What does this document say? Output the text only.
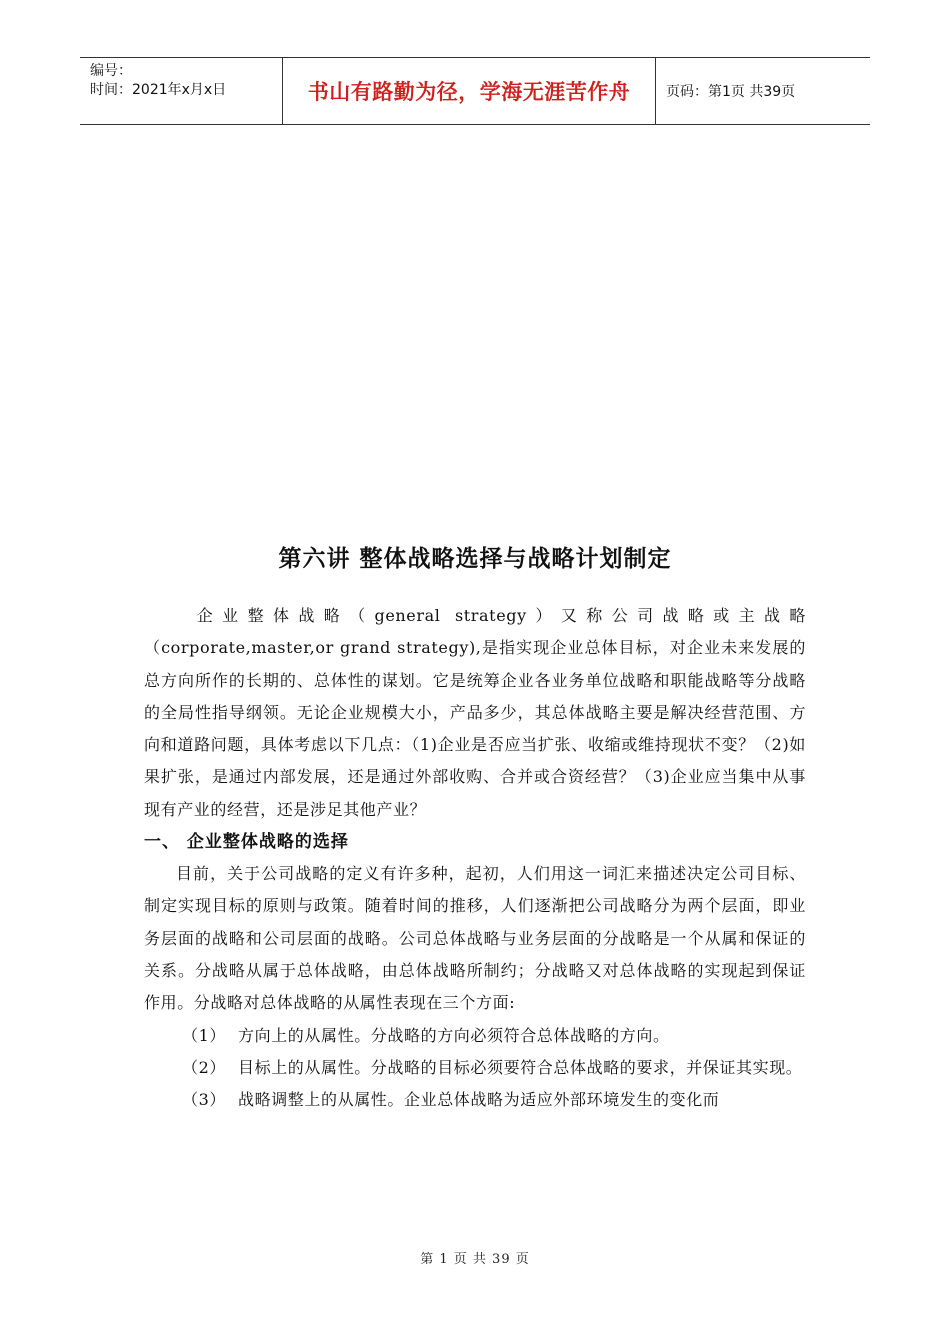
编号：
时间：2021年x月x日	书山有路勤为径，学海无涯苦作舟	页码：第1页 共39页
第六讲 整体战略选择与战略计划制定

企业整体战略（general strategy）又称公司战略或主战略（corporate,master,or grand strategy),是指实现企业总体目标，对企业未来发展的总方向所作的长期的、总体性的谋划。它是统筹企业各业务单位战略和职能战略等分战略的全局性指导纲领。无论企业规模大小，产品多少，其总体战略主要是解决经营范围、方向和道路问题，具体考虑以下几点：（1)企业是否应当扩张、收缩或维持现状不变？（2)如果扩张，是通过内部发展，还是通过外部收购、合并或合资经营？（3)企业应当集中从事现有产业的经营，还是涉足其他产业？

一、 企业整体战略的选择

目前，关于公司战略的定义有许多种，起初，人们用这一词汇来描述决定公司目标、制定实现目标的原则与政策。随着时间的推移，人们逐渐把公司战略分为两个层面，即业务层面的战略和公司层面的战略。公司总体战略与业务层面的分战略是一个从属和保证的关系。分战略从属于总体战略，由总体战略所制约；分战略又对总体战略的实现起到保证作用。分战略对总体战略的从属性表现在三个方面:

（1） 方向上的从属性。分战略的方向必须符合总体战略的方向。
（2） 目标上的从属性。分战略的目标必须要符合总体战略的要求，并保证其实现。
（3） 战略调整上的从属性。企业总体战略为适应外部环境发生的变化而
第 1 页 共 39 页
